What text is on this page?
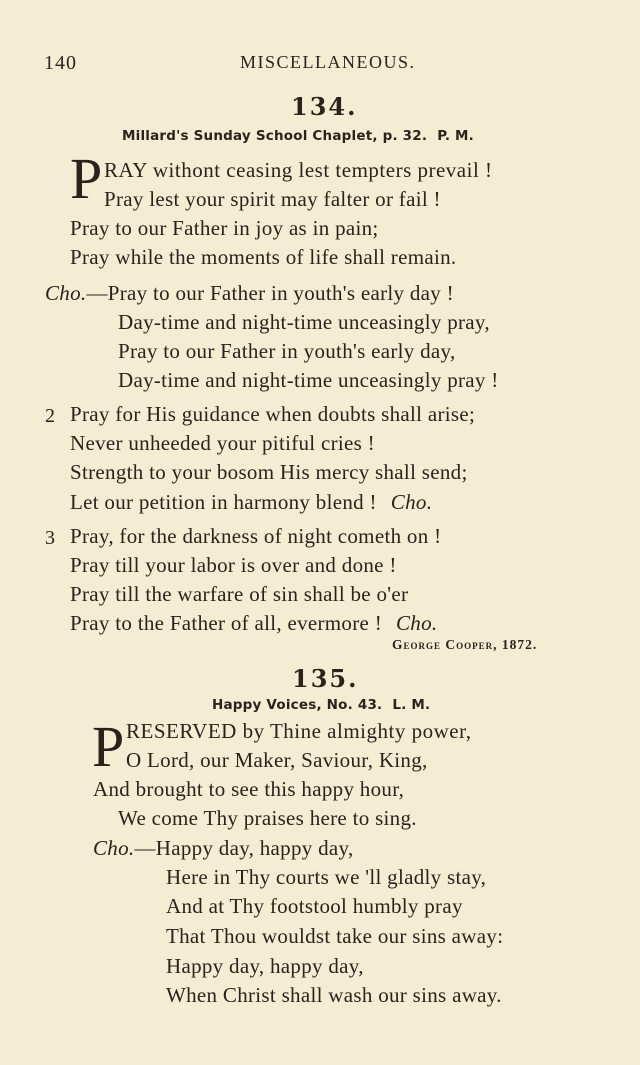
140	MISCELLANEOUS.
134.
Millard's Sunday School Chaplet, p. 32. P. M.
P RAY withont ceasing lest tempters prevail !
Pray lest your spirit may falter or fail !
Pray to our Father in joy as in pain;
Pray while the moments of life shall remain.
Cho.—Pray to our Father in youth's early day !
Day-time and night-time unceasingly pray,
Pray to our Father in youth's early day,
Day-time and night-time unceasingly pray !
2 Pray for His guidance when doubts shall arise;
Never unheeded your pitiful cries !
Strength to your bosom His mercy shall send;
Let our petition in harmony blend ! Cho.
3 Pray, for the darkness of night cometh on !
Pray till your labor is over and done !
Pray till the warfare of sin shall be o'er
Pray to the Father of all, evermore ! Cho.
George Cooper, 1872.
135.
Happy Voices, No. 43. L. M.
P RESERVED by Thine almighty power,
O Lord, our Maker, Saviour, King,
And brought to see this happy hour,
We come Thy praises here to sing.
Cho.—Happy day, happy day,
Here in Thy courts we 'll gladly stay,
And at Thy footstool humbly pray
That Thou wouldst take our sins away:
Happy day, happy day,
When Christ shall wash our sins away.
